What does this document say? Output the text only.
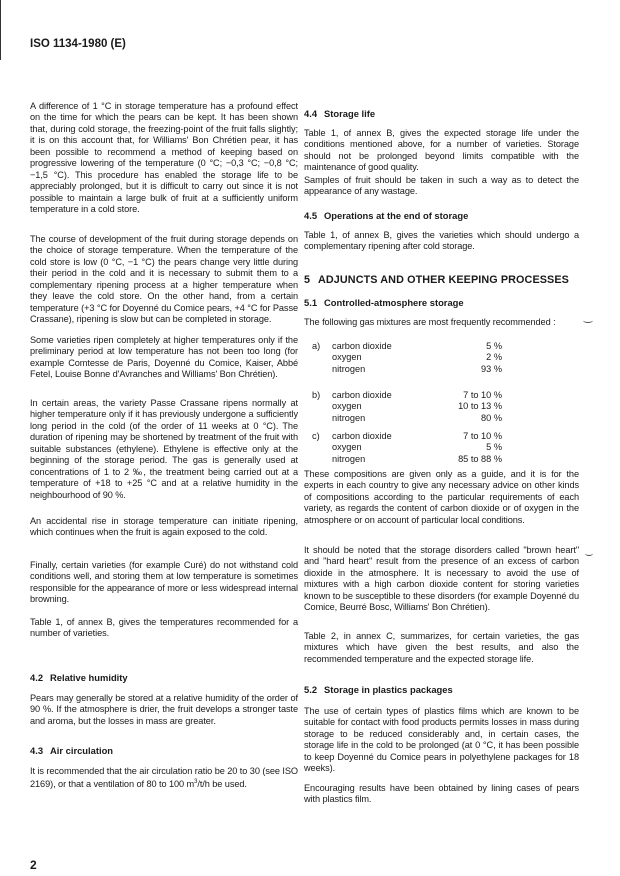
ISO 1134-1980 (E)
A difference of 1 °C in storage temperature has a profound effect on the time for which the pears can be kept. It has been shown that, during cold storage, the freezing-point of the fruit falls slightly; it is on this account that, for Williams' Bon Chrétien pear, it has been possible to recommend a method of keeping based on progressive lowering of the temperature (0 °C; −0,3 °C; −0,8 °C; −1,5 °C). This procedure has enabled the storage life to be appreciably prolonged, but it is difficult to carry out since it is not possible to maintain a large bulk of fruit at a sufficiently uniform temperature in a cold store.
The course of development of the fruit during storage depends on the choice of storage temperature. When the temperature of the cold store is low (0 °C, −1 °C) the pears change very little during their period in the cold and it is necessary to submit them to a complementary ripening process at a higher temperature when they leave the cold store. On the other hand, from a certain temperature (+3 °C for Doyenné du Comice pears, +4 °C for Passe Crassane), ripening is slow but can be completed in storage.
Some varieties ripen completely at higher temperatures only if the preliminary period at low temperature has not been too long (for example Comtesse de Paris, Doyenné du Comice, Kaiser, Abbé Fetel, Louise Bonne d'Avranches and Williams' Bon Chrétien).
In certain areas, the variety Passe Crassane ripens normally at higher temperature only if it has previously undergone a sufficiently long period in the cold (of the order of 11 weeks at 0 °C). The duration of ripening may be shortened by treatment of the fruit with suitable substances (ethylene). Ethylene is effective only at the beginning of the storage period. The gas is generally used at concentrations of 1 to 2 ‰, the treatment being carried out at a temperature of +18 to +25 °C and at a relative humidity in the neighbourhood of 90 %.
An accidental rise in storage temperature can initiate ripening, which continues when the fruit is again exposed to the cold.
Finally, certain varieties (for example Curé) do not withstand cold conditions well, and storing them at low temperature is sometimes responsible for the appearance of more or less widespread internal browning.
Table 1, of annex B, gives the temperatures recommended for a number of varieties.
4.2 Relative humidity
Pears may generally be stored at a relative humidity of the order of 90 %. If the atmosphere is drier, the fruit develops a stronger taste and aroma, but the losses in mass are greater.
4.3 Air circulation
It is recommended that the air circulation ratio be 20 to 30 (see ISO 2169), or that a ventilation of 80 to 100 $m^3/t/h$ be used.
2
4.4 Storage life
Table 1, of annex B, gives the expected storage life under the conditions mentioned above, for a number of varieties. Storage should not be prolonged beyond limits compatible with the maintenance of good quality.
Samples of fruit should be taken in such a way as to detect the appearance of any wastage.
4.5 Operations at the end of storage
Table 1, of annex B, gives the varieties which should undergo a complementary ripening after cold storage.
5 ADJUNCTS AND OTHER KEEPING PROCESSES
5.1 Controlled-atmosphere storage
The following gas mixtures are most frequently recommended :
a)	carbon dioxide	5 %
oxygen	2 %
nitrogen	93 %
b)	carbon dioxide	7 to 10 %
oxygen	10 to 13 %
nitrogen	80 %
c)	carbon dioxide	7 to 10 %
oxygen	5 %
nitrogen	85 to 88 %
These compositions are given only as a guide, and it is for the experts in each country to give any necessary advice on other kinds of compositions according to the particular requirements of each variety, as regards the content of carbon dioxide or of oxygen in the atmosphere or on account of particular local conditions.
It should be noted that the storage disorders called "brown heart" and "hard heart" result from the presence of an excess of carbon dioxide in the atmosphere. It is necessary to avoid the use of mixtures with a high carbon dioxide content for storing varieties known to be susceptible to these disorders (for example Doyenné du Comice, Beurré Bosc, Williams' Bon Chrétien).
Table 2, in annex C, summarizes, for certain varieties, the gas mixtures which have given the best results, and also the recommended temperature and the expected storage life.
5.2 Storage in plastics packages
The use of certain types of plastics films which are known to be suitable for contact with food products permits losses in mass during storage to be reduced considerably and, in certain cases, the storage life in the cold to be prolonged (at 0 °C, it has been possible to keep Doyenné du Comice pears in polyethylene packages for 18 weeks).
Encouraging results have been obtained by lining cases of pears with plastics film.
